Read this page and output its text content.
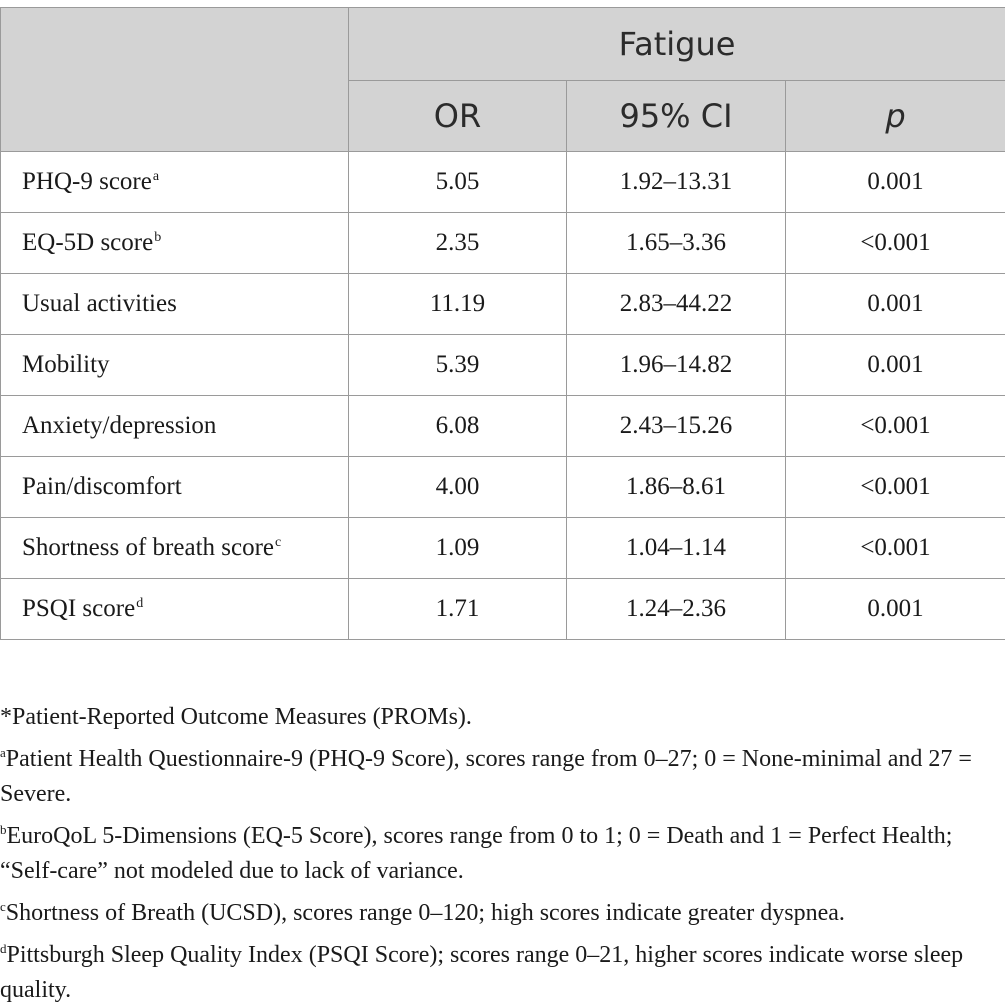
	Fatigue		
	OR	95% CI	p
PHQ-9 score$^a$	5.05	1.92–13.31	0.001
EQ-5D score$^b$	2.35	1.65–3.36	<0.001
Usual activities	11.19	2.83–44.22	0.001
Mobility	5.39	1.96–14.82	0.001
Anxiety/depression	6.08	2.43–15.26	<0.001
Pain/discomfort	4.00	1.86–8.61	<0.001
Shortness of breath score$^c$	1.09	1.04–1.14	<0.001
PSQI score$^d$	1.71	1.24–2.36	0.001

*Patient-Reported Outcome Measures (PROMs).

$^a$Patient Health Questionnaire-9 (PHQ-9 Score), scores range from 0–27; 0 = None-minimal and 27 = Severe.

$^b$EuroQoL 5-Dimensions (EQ-5 Score), scores range from 0 to 1; 0 = Death and 1 = Perfect Health; “Self-care” not modeled due to lack of variance.

$^c$Shortness of Breath (UCSD), scores range 0–120; high scores indicate greater dyspnea.

$^d$Pittsburgh Sleep Quality Index (PSQI Score); scores range 0–21, higher scores indicate worse sleep quality.
